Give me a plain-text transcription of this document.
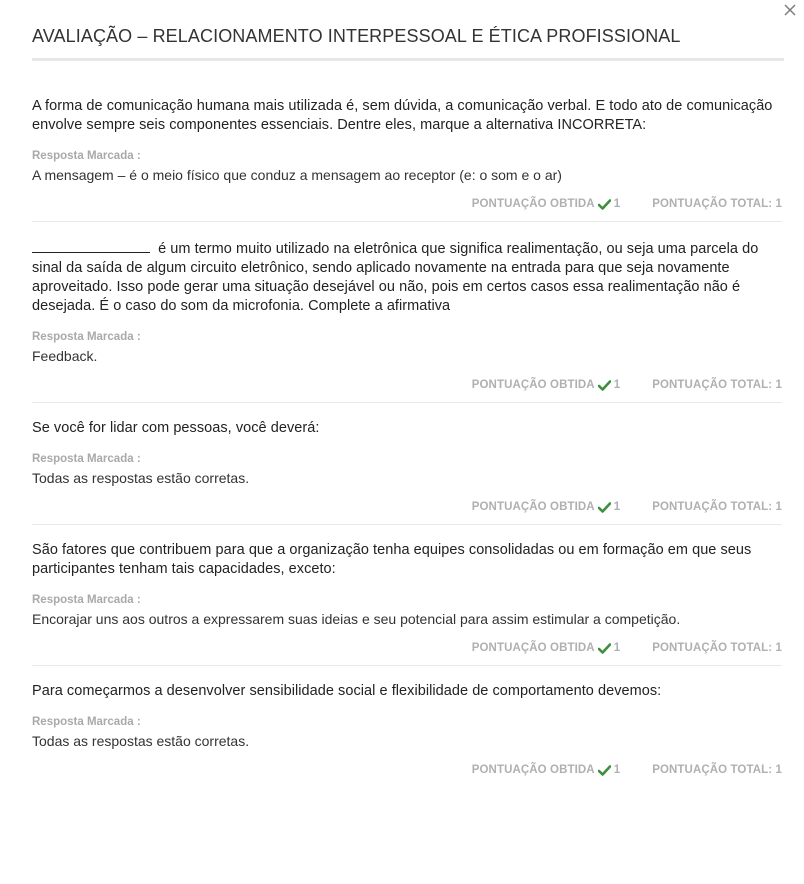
AVALIAÇÃO – RELACIONAMENTO INTERPESSOAL E ÉTICA PROFISSIONAL

A forma de comunicação humana mais utilizada é, sem dúvida, a comunicação verbal. E todo ato de comunicação envolve sempre seis componentes essenciais. Dentre eles, marque a alternativa INCORRETA:

Resposta Marcada :
A mensagem – é o meio físico que conduz a mensagem ao receptor (e: o som e o ar)
PONTUAÇÃO OBTIDA 1	PONTUAÇÃO TOTAL: 1

é um termo muito utilizado na eletrônica que significa realimentação, ou seja uma parcela do sinal da saída de algum circuito eletrônico, sendo aplicado novamente na entrada para que seja novamente aproveitado. Isso pode gerar uma situação desejável ou não, pois em certos casos essa realimentação não é desejada. É o caso do som da microfonia. Complete a afirmativa

Resposta Marcada :
Feedback.
PONTUAÇÃO OBTIDA 1	PONTUAÇÃO TOTAL: 1

Se você for lidar com pessoas, você deverá:

Resposta Marcada :
Todas as respostas estão corretas.
PONTUAÇÃO OBTIDA 1	PONTUAÇÃO TOTAL: 1

São fatores que contribuem para que a organização tenha equipes consolidadas ou em formação em que seus participantes tenham tais capacidades, exceto:

Resposta Marcada :
Encorajar uns aos outros a expressarem suas ideias e seu potencial para assim estimular a competição.
PONTUAÇÃO OBTIDA 1	PONTUAÇÃO TOTAL: 1

Para começarmos a desenvolver sensibilidade social e flexibilidade de comportamento devemos:

Resposta Marcada :
Todas as respostas estão corretas.
PONTUAÇÃO OBTIDA 1	PONTUAÇÃO TOTAL: 1
